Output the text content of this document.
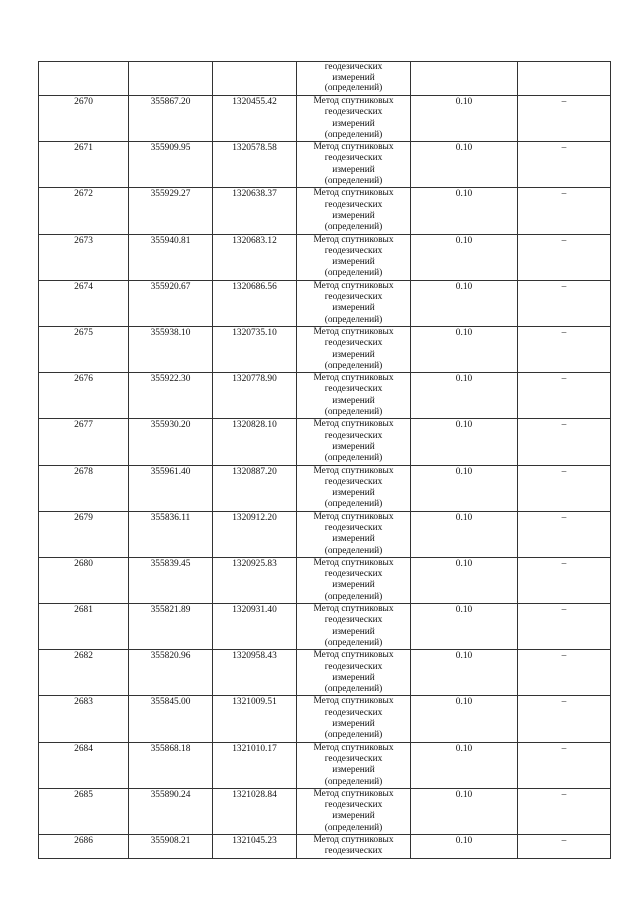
			геодезических
измерений
(определений)		

2670	355867.20	1320455.42	Метод спутниковых
геодезических
измерений
(определений)	0.10	–
2671	355909.95	1320578.58	Метод спутниковых
геодезических
измерений
(определений)	0.10	–
2672	355929.27	1320638.37	Метод спутниковых
геодезических
измерений
(определений)	0.10	–
2673	355940.81	1320683.12	Метод спутниковых
геодезических
измерений
(определений)	0.10	–
2674	355920.67	1320686.56	Метод спутниковых
геодезических
измерений
(определений)	0.10	–
2675	355938.10	1320735.10	Метод спутниковых
геодезических
измерений
(определений)	0.10	–
2676	355922.30	1320778.90	Метод спутниковых
геодезических
измерений
(определений)	0.10	–
2677	355930.20	1320828.10	Метод спутниковых
геодезических
измерений
(определений)	0.10	–
2678	355961.40	1320887.20	Метод спутниковых
геодезических
измерений
(определений)	0.10	–
2679	355836.11	1320912.20	Метод спутниковых
геодезических
измерений
(определений)	0.10	–
2680	355839.45	1320925.83	Метод спутниковых
геодезических
измерений
(определений)	0.10	–
2681	355821.89	1320931.40	Метод спутниковых
геодезических
измерений
(определений)	0.10	–
2682	355820.96	1320958.43	Метод спутниковых
геодезических
измерений
(определений)	0.10	–
2683	355845.00	1321009.51	Метод спутниковых
геодезических
измерений
(определений)	0.10	–
2684	355868.18	1321010.17	Метод спутниковых
геодезических
измерений
(определений)	0.10	–
2685	355890.24	1321028.84	Метод спутниковых
геодезических
измерений
(определений)	0.10	–
2686	355908.21	1321045.23	Метод спутниковых
геодезических	0.10	–
